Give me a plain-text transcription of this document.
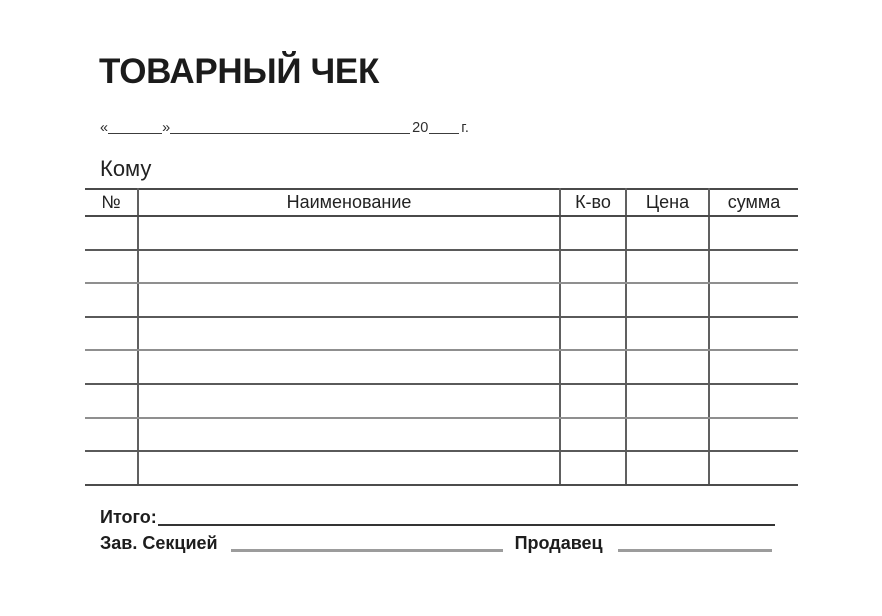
ТОВАРНЫЙ ЧЕК
«	»	20 г.
Кому
№	Наименование	К-во	Цена	сумма

Итого:
Зав. Секцией	Продавец
